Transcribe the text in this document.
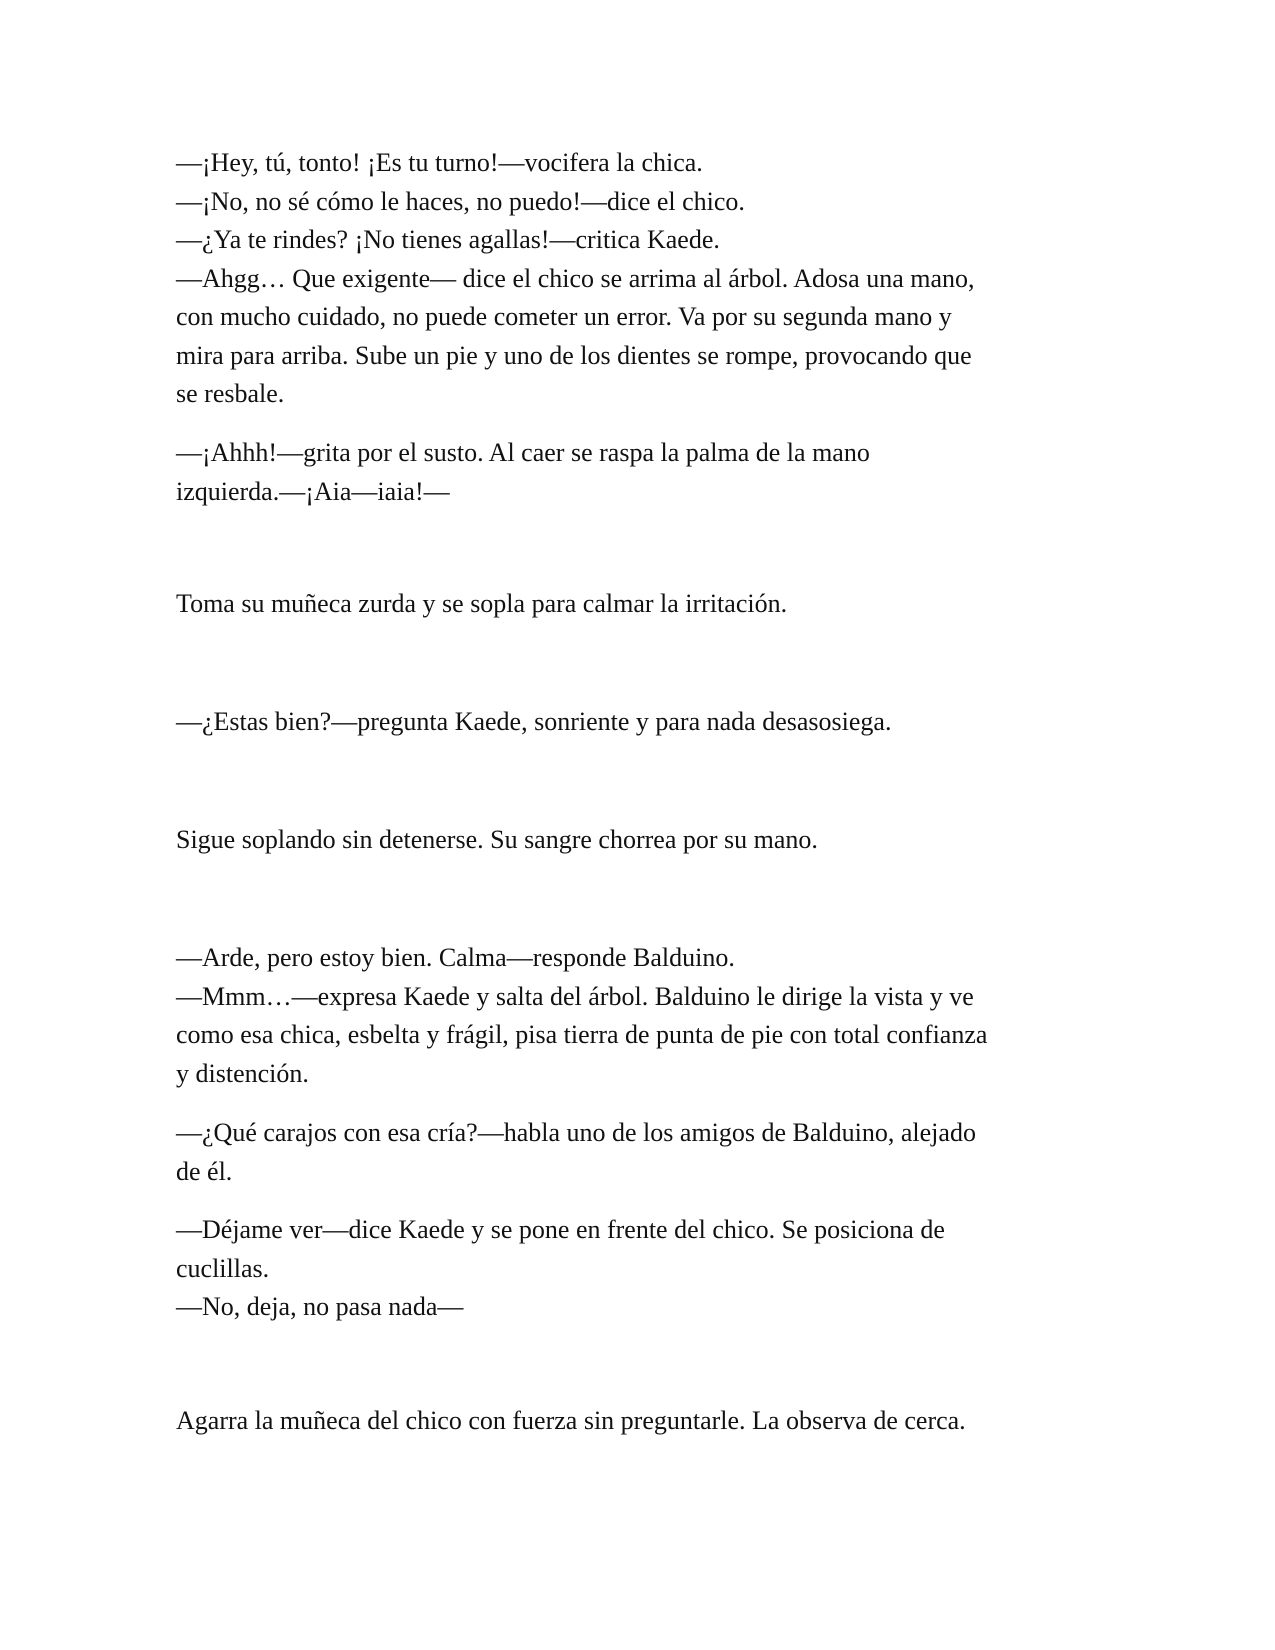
—¡Hey, tú, tonto! ¡Es tu turno!—vocifera la chica.
—¡No, no sé cómo le haces, no puedo!—dice el chico.
—¿Ya te rindes? ¡No tienes agallas!—critica Kaede.
—Ahgg… Que exigente— dice el chico se arrima al árbol. Adosa una mano,
con mucho cuidado, no puede cometer un error. Va por su segunda mano y
mira para arriba. Sube un pie y uno de los dientes se rompe, provocando que
se resbale.
—¡Ahhh!—grita por el susto. Al caer se raspa la palma de la mano
izquierda.—¡Aia—iaia!—
Toma su muñeca zurda y se sopla para calmar la irritación.
—¿Estas bien?—pregunta Kaede, sonriente y para nada desasosiega.
Sigue soplando sin detenerse. Su sangre chorrea por su mano.
—Arde, pero estoy bien. Calma—responde Balduino.
—Mmm…—expresa Kaede y salta del árbol. Balduino le dirige la vista y ve
como esa chica, esbelta y frágil, pisa tierra de punta de pie con total confianza
y distención.
—¿Qué carajos con esa cría?—habla uno de los amigos de Balduino, alejado
de él.
—Déjame ver—dice Kaede y se pone en frente del chico. Se posiciona de
cuclillas.
—No, deja, no pasa nada—
Agarra la muñeca del chico con fuerza sin preguntarle. La observa de cerca.
